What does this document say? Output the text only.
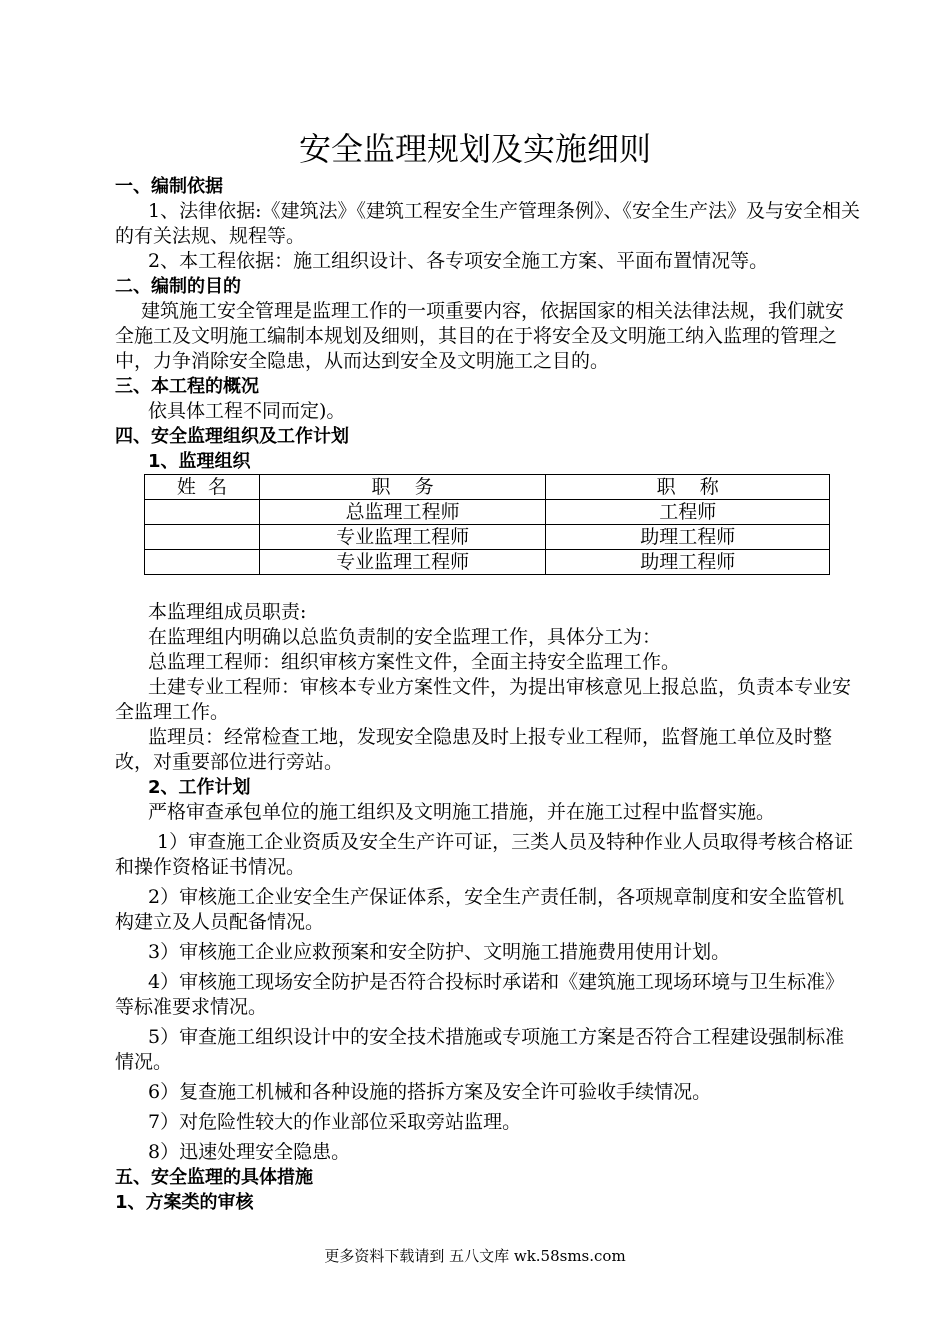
安全监理规划及实施细则

一、编制依据

1、法律依据:《建筑法》《建筑工程安全生产管理条例》、《安全生产法》及与安全相关的有关法规、规程等。

2、本工程依据：施工组织设计、各专项安全施工方案、平面布置情况等。

二、编制的目的

建筑施工安全管理是监理工作的一项重要内容，依据国家的相关法律法规，我们就安全施工及文明施工编制本规划及细则，其目的在于将安全及文明施工纳入监理的管理之中，力争消除安全隐患，从而达到安全及文明施工之目的。

三、本工程的概况

依具体工程不同而定)。

四、安全监理组织及工作计划

1、监理组织

姓  名	职    务	职    称
	总监理工程师	工程师
	专业监理工程师	助理工程师
	专业监理工程师	助理工程师

本监理组成员职责:

在监理组内明确以总监负责制的安全监理工作，具体分工为：

总监理工程师：组织审核方案性文件，全面主持安全监理工作。

土建专业工程师：审核本专业方案性文件，为提出审核意见上报总监，负责本专业安全监理工作。

监理员：经常检查工地，发现安全隐患及时上报专业工程师，监督施工单位及时整改，对重要部位进行旁站。

2、工作计划

严格审查承包单位的施工组织及文明施工措施，并在施工过程中监督实施。

1）审查施工企业资质及安全生产许可证，三类人员及特种作业人员取得考核合格证和操作资格证书情况。

2）审核施工企业安全生产保证体系，安全生产责任制，各项规章制度和安全监管机构建立及人员配备情况。

3）审核施工企业应救预案和安全防护、文明施工措施费用使用计划。

4）审核施工现场安全防护是否符合投标时承诺和《建筑施工现场环境与卫生标准》等标准要求情况。

5）审查施工组织设计中的安全技术措施或专项施工方案是否符合工程建设强制标准情况。

6）复查施工机械和各种设施的搭拆方案及安全许可验收手续情况。

7）对危险性较大的作业部位采取旁站监理。

8）迅速处理安全隐患。

五、安全监理的具体措施

1、方案类的审核

更多资料下载请到 五八文库 wk.58sms.com
